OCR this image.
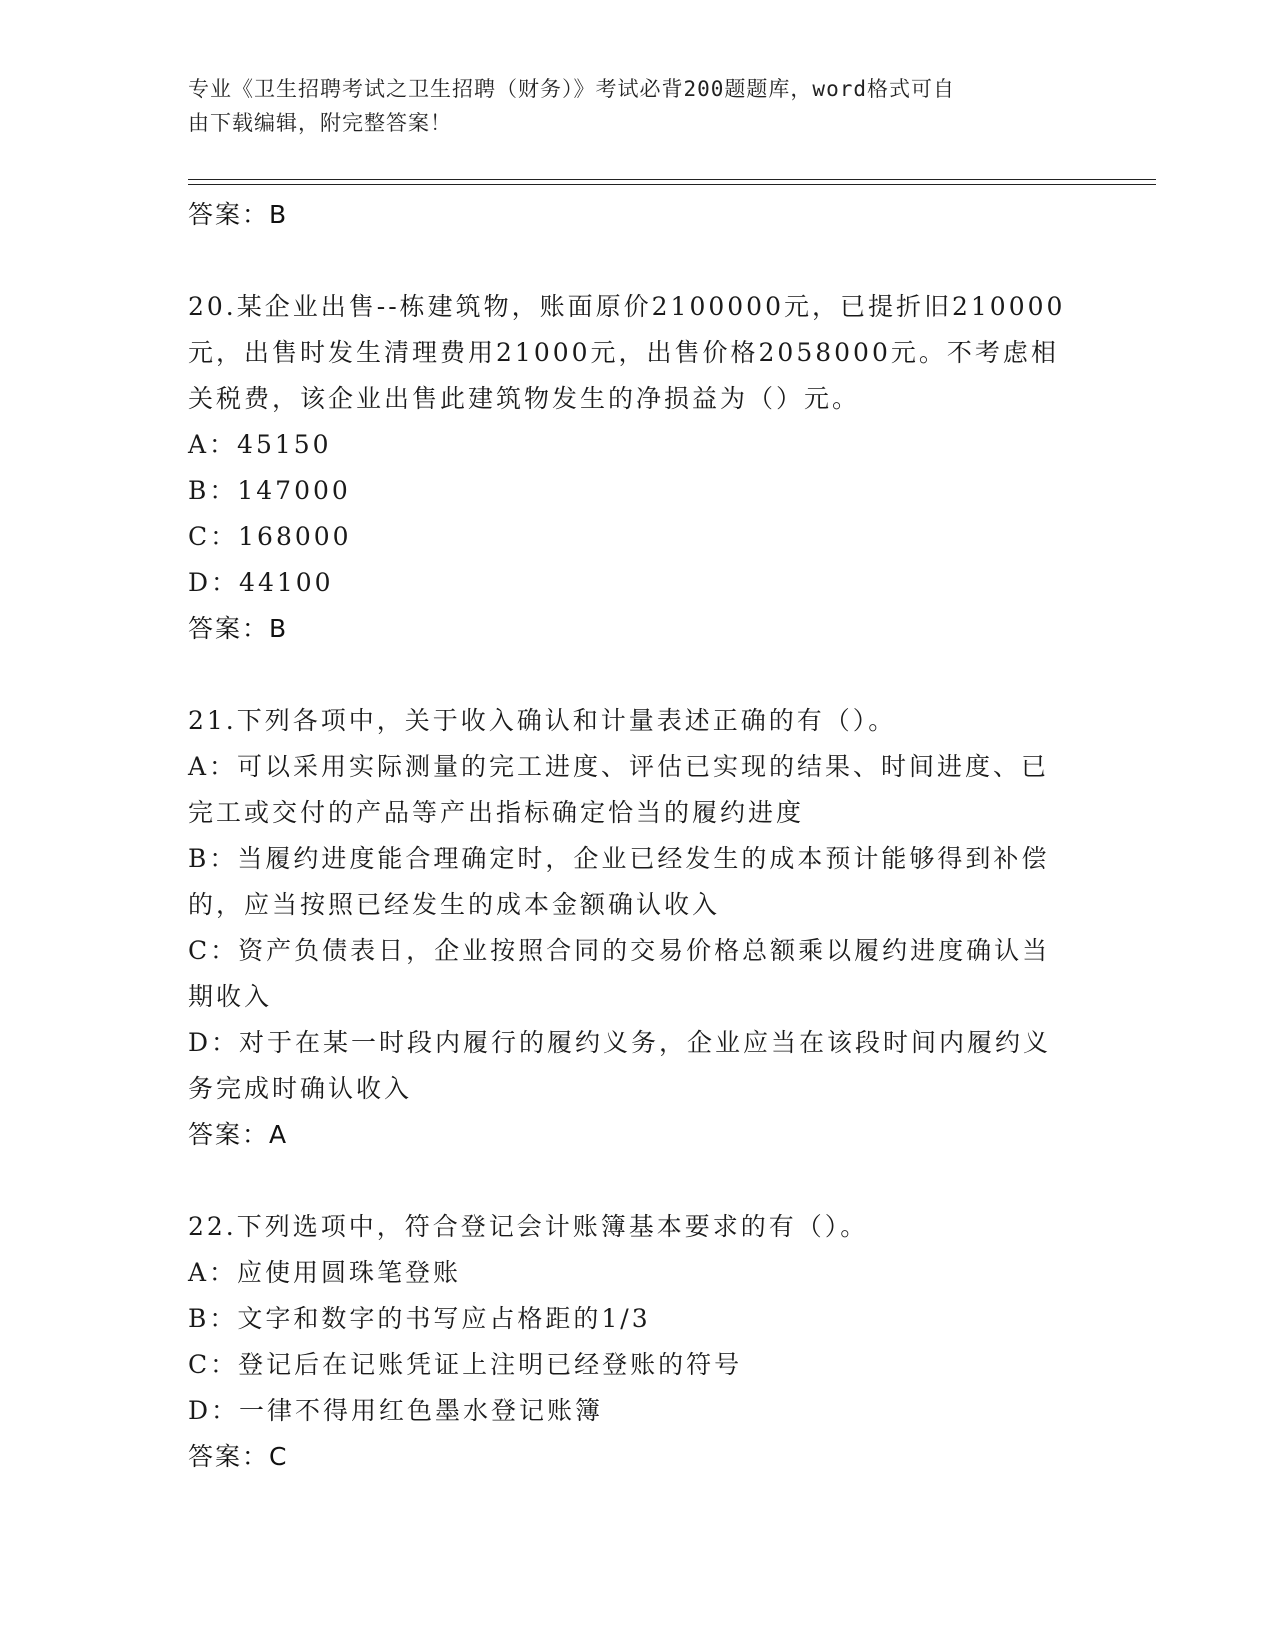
专业《卫生招聘考试之卫生招聘（财务）》考试必背200题题库，word格式可自
由下载编辑，附完整答案！
答案：B
20.某企业出售--栋建筑物，账面原价2100000元，已提折旧210000
元，出售时发生清理费用21000元，出售价格2058000元。不考虑相
关税费，该企业出售此建筑物发生的净损益为（）元。
A：45150
B：147000
C：168000
D：44100
答案：B
21.下列各项中，关于收入确认和计量表述正确的有（）。
A：可以采用实际测量的完工进度、评估已实现的结果、时间进度、已
完工或交付的产品等产出指标确定恰当的履约进度
B：当履约进度能合理确定时，企业已经发生的成本预计能够得到补偿
的，应当按照已经发生的成本金额确认收入
C：资产负债表日，企业按照合同的交易价格总额乘以履约进度确认当
期收入
D：对于在某一时段内履行的履约义务，企业应当在该段时间内履约义
务完成时确认收入
答案：A
22.下列选项中，符合登记会计账簿基本要求的有（）。
A：应使用圆珠笔登账
B：文字和数字的书写应占格距的1/3
C：登记后在记账凭证上注明已经登账的符号
D：一律不得用红色墨水登记账簿
答案：C
